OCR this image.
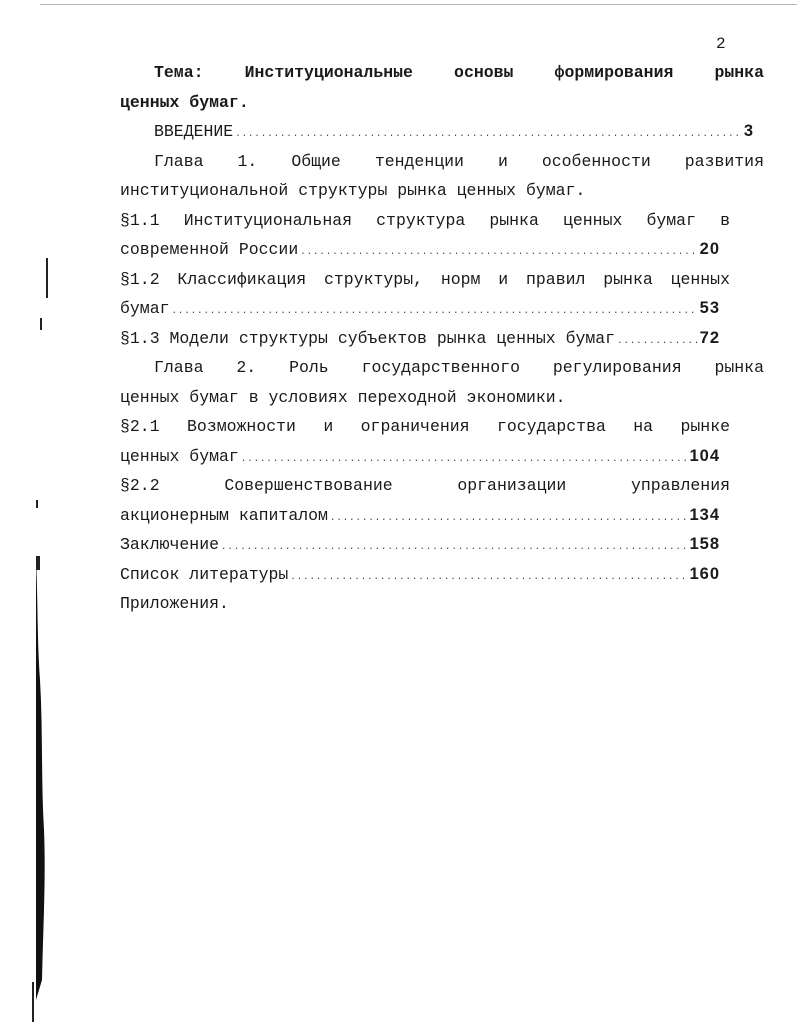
2
Тема: Институциональные основы формирования рынка
ценных бумаг.
ВВЕДЕНИЕ .....	3
Глава 1. Общие тенденции и особенности развития
институциональной структуры рынка ценных бумаг.
§1.1 Институциональная структура рынка ценных бумаг в
современной России .....	20
§1.2 Классификация структуры, норм и правил рынка ценных
бумаг .....	53
§1.3 Модели структуры субъектов рынка ценных бумаг .....	72
Глава 2. Роль государственного регулирования рынка
ценных бумаг в условиях переходной экономики.
§2.1 Возможности и ограничения государства на рынке
ценных бумаг .....	104
§2.2 Совершенствование организации управления
акционерным капиталом .....	134
Заключение .....	158
Список литературы .....	160
Приложения.
